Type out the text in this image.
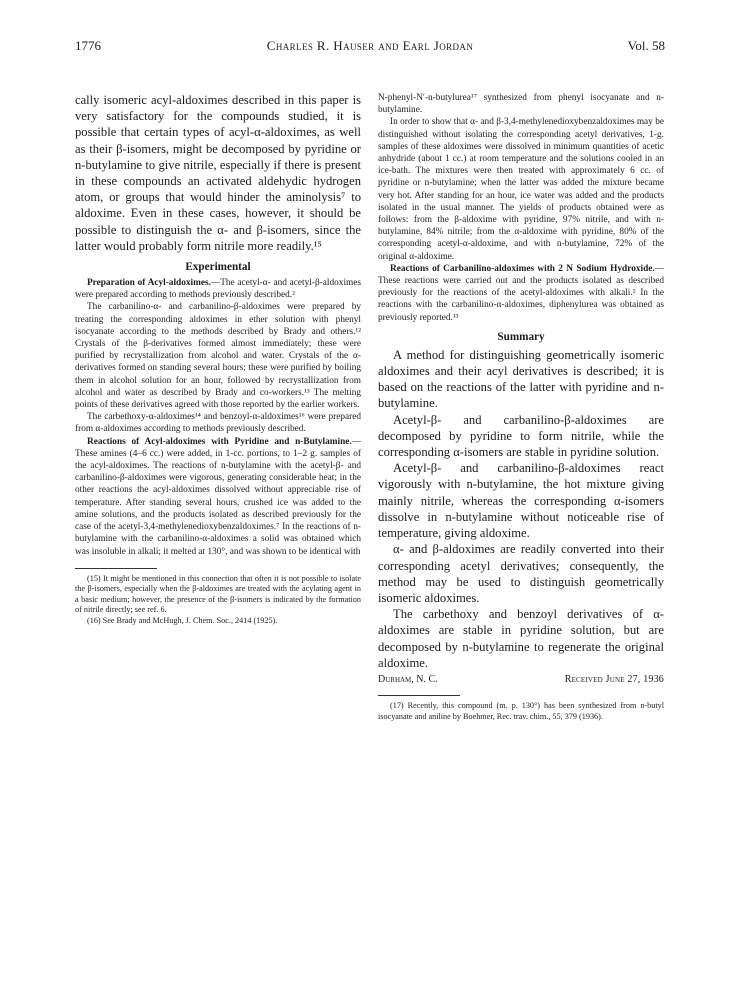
1776	Charles R. Hauser and Earl Jordan	Vol. 58

cally isomeric acyl-aldoximes described in this paper is very satisfactory for the compounds studied, it is possible that certain types of acyl-α-aldoximes, as well as their β-isomers, might be decomposed by pyridine or n-butylamine to give nitrile, especially if there is present in these compounds an activated aldehydic hydrogen atom, or groups that would hinder the aminolysis⁷ to aldoxime. Even in these cases, however, it should be possible to distinguish the α- and β-isomers, since the latter would probably form nitrile more readily.¹⁵

Experimental

Preparation of Acyl-aldoximes.—The acetyl-α- and acetyl-β-aldoximes were prepared according to methods previously described.²

The carbanilino-α- and carbanilino-β-aldoximes were prepared by treating the corresponding aldoximes in ether solution with phenyl isocyanate according to the methods described by Brady and others.¹² Crystals of the β-derivatives formed almost immediately; these were purified by recrystallization from alcohol and water. Crystals of the α-derivatives formed on standing several hours; these were purified by boiling them in alcohol solution for an hour, followed by recrystallization from alcohol and water as described by Brady and co-workers.¹³ The melting points of these derivatives agreed with those reported by the earlier workers.

The carbethoxy-α-aldoximes¹⁴ and benzoyl-α-aldoximes¹⁶ were prepared from α-aldoximes according to methods previously described.

Reactions of Acyl-aldoximes with Pyridine and n-Butylamine.—These amines (4–6 cc.) were added, in 1-cc. portions, to 1–2 g. samples of the acyl-aldoximes. The reactions of n-butylamine with the acetyl-β- and carbanilino-β-aldoximes were vigorous, generating considerable heat; in the other reactions the acyl-aldoximes dissolved without appreciable rise of temperature. After standing several hours, crushed ice was added to the amine solutions, and the products isolated as described previously for the case of the acetyl-3,4-methylenedioxybenzaldoximes.⁷ In the reactions of n-butylamine with the carbanilino-α-aldoximes a solid was obtained which was insoluble in alkali; it melted at 130°, and was shown to be identical with

(15) It might be mentioned in this connection that often it is not possible to isolate the β-isomers, especially when the β-aldoximes are treated with the acylating agent in a basic medium; however, the presence of the β-isomers is indicated by the formation of nitrile directly; see ref. 6.

(16) See Brady and McHugh, J. Chem. Soc., 2414 (1925).

N-phenyl-N′-n-butylurea¹⁷ synthesized from phenyl isocyanate and n-butylamine.

In order to show that α- and β-3,4-methylenedioxybenzaldoximes may be distinguished without isolating the corresponding acetyl derivatives, 1-g. samples of these aldoximes were dissolved in minimum quantities of acetic anhydride (about 1 cc.) at room temperature and the solutions cooled in an ice-bath. The mixtures were then treated with approximately 6 cc. of pyridine or n-butylamine; when the latter was added the mixture became very hot. After standing for an hour, ice water was added and the products isolated in the usual manner. The yields of products obtained were as follows: from the β-aldoxime with pyridine, 97% nitrile, and with n-butylamine, 84% nitrile; from the α-aldoxime with pyridine, 80% of the corresponding acetyl-α-aldoxime, and with n-butylamine, 72% of the original α-aldoxime.

Reactions of Carbanilino-aldoximes with 2 N Sodium Hydroxide.—These reactions were carried out and the products isolated as described previously for the reactions of the acetyl-aldoximes with alkali.² In the reactions with the carbanilino-α-aldoximes, diphenylurea was obtained as previously reported.¹³

Summary

A method for distinguishing geometrically isomeric aldoximes and their acyl derivatives is described; it is based on the reactions of the latter with pyridine and n-butylamine.

Acetyl-β- and carbanilino-β-aldoximes are decomposed by pyridine to form nitrile, while the corresponding α-isomers are stable in pyridine solution.

Acetyl-β- and carbanilino-β-aldoximes react vigorously with n-butylamine, the hot mixture giving mainly nitrile, whereas the corresponding α-isomers dissolve in n-butylamine without noticeable rise of temperature, giving aldoxime.

α- and β-aldoximes are readily converted into their corresponding acetyl derivatives; consequently, the method may be used to distinguish geometrically isomeric aldoximes.

The carbethoxy and benzoyl derivatives of α-aldoximes are stable in pyridine solution, but are decomposed by n-butylamine to regenerate the original aldoxime.

Durham, N. C.	Received June 27, 1936

(17) Recently, this compound (m. p. 130°) has been synthesized from n-butyl isocyanate and aniline by Boehmer, Rec. trav. chim., 55, 379 (1936).
